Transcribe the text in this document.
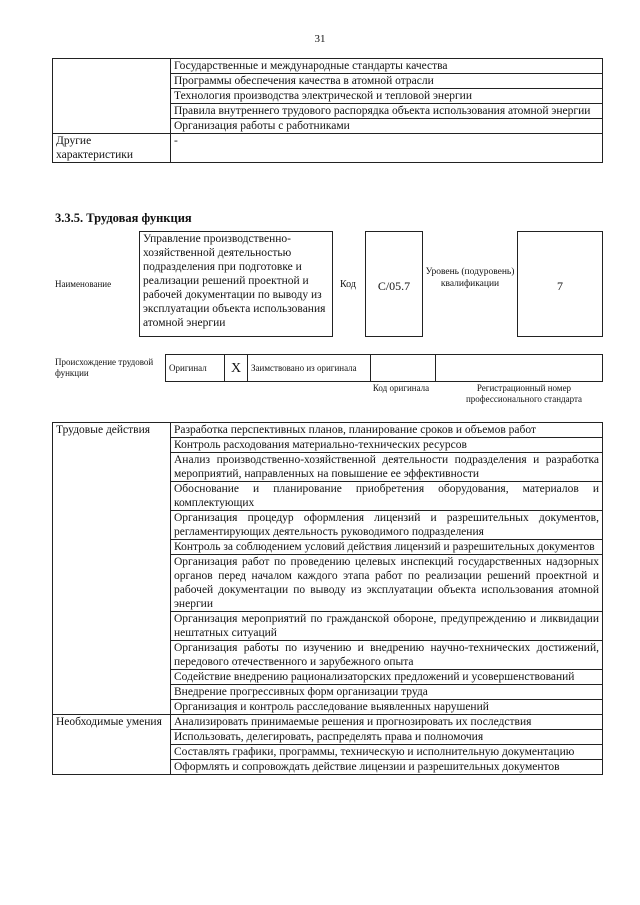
31
	Государственные и международные стандарты качества
	Программы обеспечения качества в атомной отрасли
	Технология производства электрической и тепловой энергии
	Правила внутреннего трудового распорядка объекта использования атомной энергии
	Организация работы с работниками
Другие характеристики	-
3.3.5. Трудовая функция
Наименование
Управление производственно-хозяйственной деятельностью подразделения при подготовке и реализации решений проектной и рабочей документации по выводу из эксплуатации объекта использования атомной энергии
Код	C/05.7
Уровень (подуровень) квалификации	7
Происхождение трудовой функции
Оригинал	X	Заимствовано из оригинала		
Код оригинала	Регистрационный номер профессионального стандарта
Трудовые действия	Разработка перспективных планов, планирование сроков и объемов работ
	Контроль расходования материально-технических ресурсов
	Анализ производственно-хозяйственной деятельности подразделения и разработка мероприятий, направленных на повышение ее эффективности
	Обоснование и планирование приобретения оборудования, материалов и комплектующих
	Организация процедур оформления лицензий и разрешительных документов, регламентирующих деятельность руководимого подразделения
	Контроль за соблюдением условий действия лицензий и разрешительных документов
	Организация работ по проведению целевых инспекций государственных надзорных органов перед началом каждого этапа работ по реализации решений проектной и рабочей документации по выводу из эксплуатации объекта использования атомной энергии
	Организация мероприятий по гражданской обороне, предупреждению и ликвидации нештатных ситуаций
	Организация работы по изучению и внедрению научно-технических достижений, передового отечественного и зарубежного опыта
	Содействие внедрению рационализаторских предложений и усовершенствований
	Внедрение прогрессивных форм организации труда
	Организация и контроль расследование выявленных нарушений
Необходимые умения	Анализировать принимаемые решения и прогнозировать их последствия
	Использовать, делегировать, распределять права и полномочия
	Составлять графики, программы, техническую и исполнительную документацию
	Оформлять и сопровождать действие лицензии и разрешительных документов
